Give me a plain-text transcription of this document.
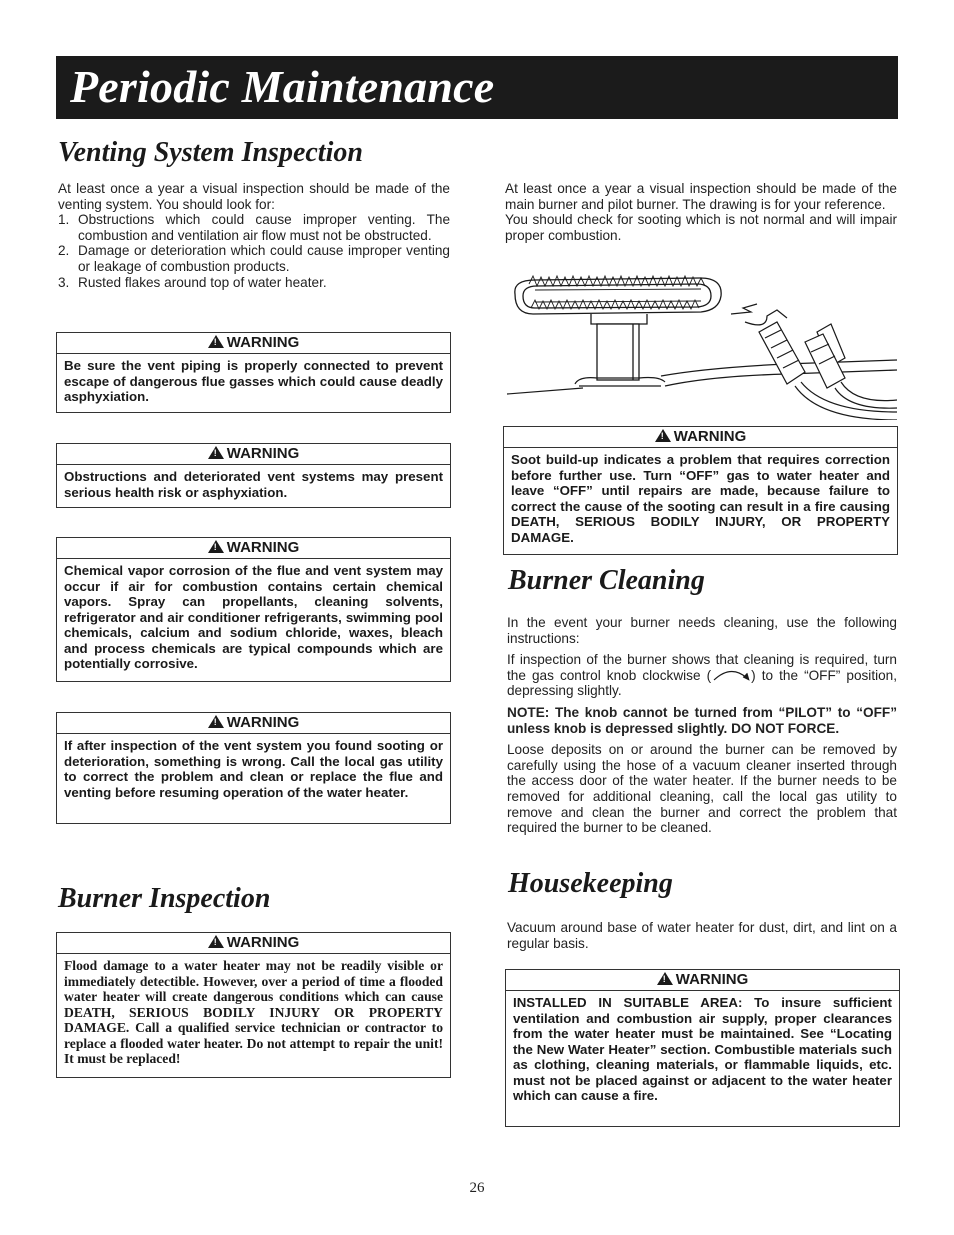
Periodic Maintenance
Venting System Inspection

At least once a year a visual inspection should be made of the venting system. You should look for:

1. Obstructions which could cause improper venting. The combustion and ventilation air flow must not be obstructed.
2. Damage or deterioration which could cause improper venting or leakage of combustion products.
3. Rusted flakes around top of water heater.
!WARNING
Be sure the vent piping is properly connected to prevent escape of dangerous flue gasses which could cause deadly asphyxiation.
!WARNING
Obstructions and deteriorated vent systems may present serious health risk or asphyxiation.
!WARNING
Chemical vapor corrosion of the flue and vent system may occur if air for combustion contains certain chemical vapors. Spray can propellants, cleaning solvents, refrigerator and air conditioner refrigerants, swimming pool chemicals, calcium and sodium chloride, waxes, bleach and process chemicals are typical compounds which are potentially corrosive.
!WARNING
If after inspection of the vent system you found sooting or deterioration, something is wrong. Call the local gas utility to correct the problem and clean or replace the flue and venting before resuming operation of the water heater.
Burner Inspection
!WARNING
Flood damage to a water heater may not be readily visible or immediately detectible. However, over a period of time a flooded water heater will create dangerous conditions which can cause DEATH, SERIOUS BODILY INJURY OR PROPERTY DAMAGE. Call a qualified service technician or contractor to replace a flooded water heater. Do not attempt to repair the unit! It must be replaced!

At least once a year a visual inspection should be made of the main burner and pilot burner. The drawing is for your reference.

You should check for sooting which is not normal and will impair proper combustion.

!WARNING
Soot build-up indicates a problem that requires correction before further use. Turn “OFF” gas to water heater and leave “OFF” until repairs are made, because failure to correct the cause of the sooting can result in a fire causing DEATH, SERIOUS BODILY INJURY, OR PROPERTY DAMAGE.
Burner Cleaning

In the event your burner needs cleaning, use the following instructions:

If inspection of the burner shows that cleaning is required, turn the gas control knob clockwise (	) to the “OFF” position, depressing slightly.

NOTE: The knob cannot be turned from “PILOT” to “OFF” unless knob is depressed slightly. DO NOT FORCE.

Loose deposits on or around the burner can be removed by carefully using the hose of a vacuum cleaner inserted through the access door of the water heater. If the burner needs to be removed for additional cleaning, call the local gas utility to remove and clean the burner and correct the problem that required the burner to be cleaned.

Housekeeping

Vacuum around base of water heater for dust, dirt, and lint on a regular basis.

!WARNING
INSTALLED IN SUITABLE AREA: To insure sufficient ventilation and combustion air supply, proper clearances from the water heater must be maintained. See “Locating the New Water Heater” section. Combustible materials such as clothing, cleaning materials, or flammable liquids, etc. must not be placed against or adjacent to the water heater which can cause a fire.
26
